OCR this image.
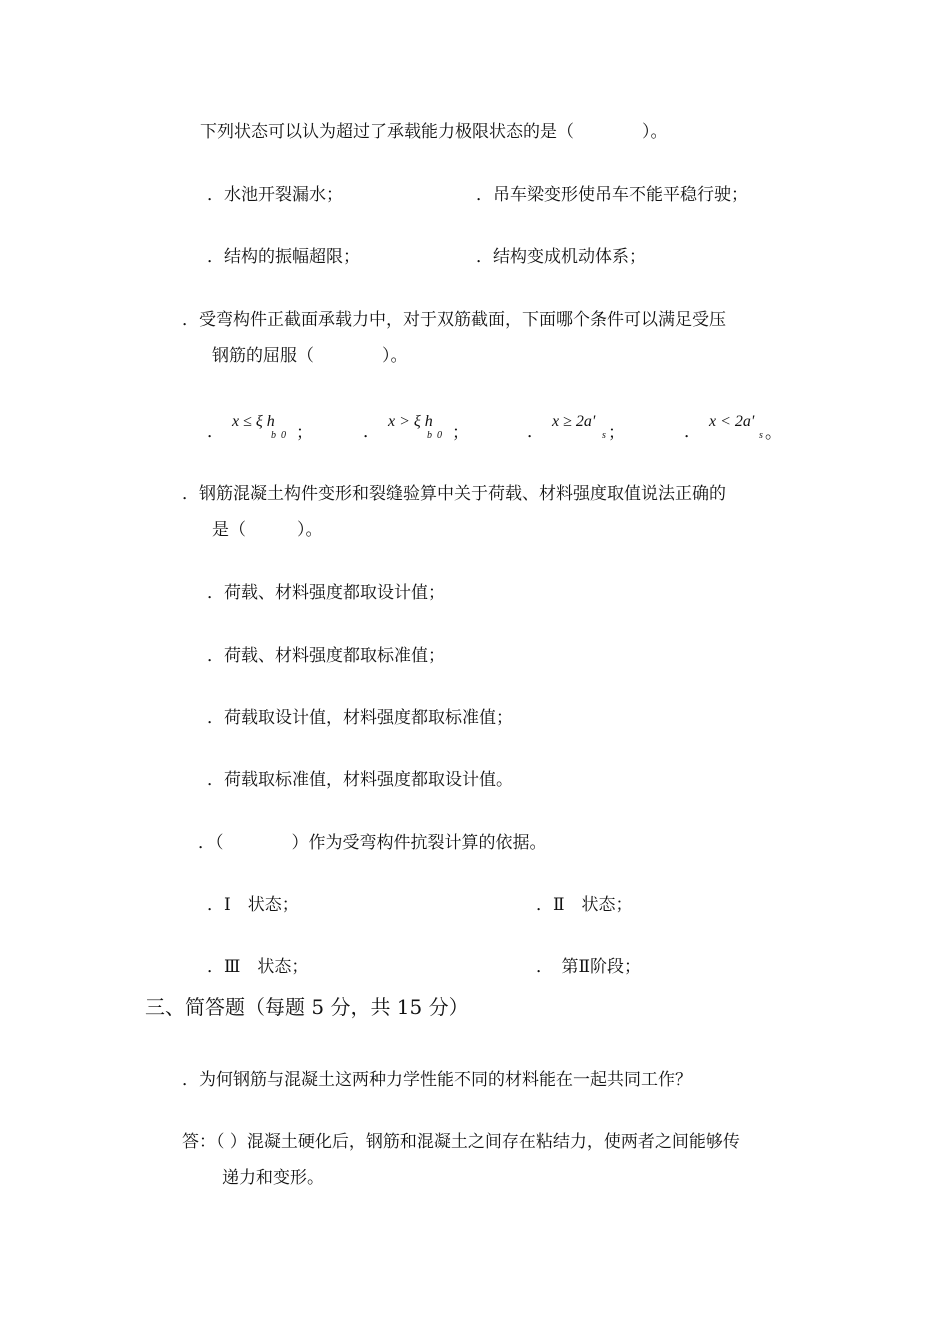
下列状态可以认为超过了承载能力极限状态的是（　　　　）。
．水池开裂漏水；	．吊车梁变形使吊车不能平稳行驶；
．结构的振幅超限；	．结构变成机动体系；
．受弯构件正截面承载力中，对于双筋截面，下面哪个条件可以满足受压
钢筋的屈服（　　　　）。
．
x ≤ ξ h
b  0 ；	．
x > ξ h
b  0 ；	．
x ≥ 2a'
s ；	．
x < 2a'
s 。
．钢筋混凝土构件变形和裂缝验算中关于荷载、材料强度取值说法正确的
是（　　　）。
．荷载、材料强度都取设计值；
．荷载、材料强度都取标准值；
．荷载取设计值，材料强度都取标准值；
．荷载取标准值，材料强度都取设计值。
．（　　　　）作为受弯构件抗裂计算的依据。
．Ⅰ　状态；	．Ⅱ　状态；
．Ⅲ　状态；	．　第Ⅱ阶段；
三、简答题（每题 5 分，共 15 分）
．为何钢筋与混凝土这两种力学性能不同的材料能在一起共同工作？
答：（ ）混凝土硬化后，钢筋和混凝土之间存在粘结力，使两者之间能够传
递力和变形。
